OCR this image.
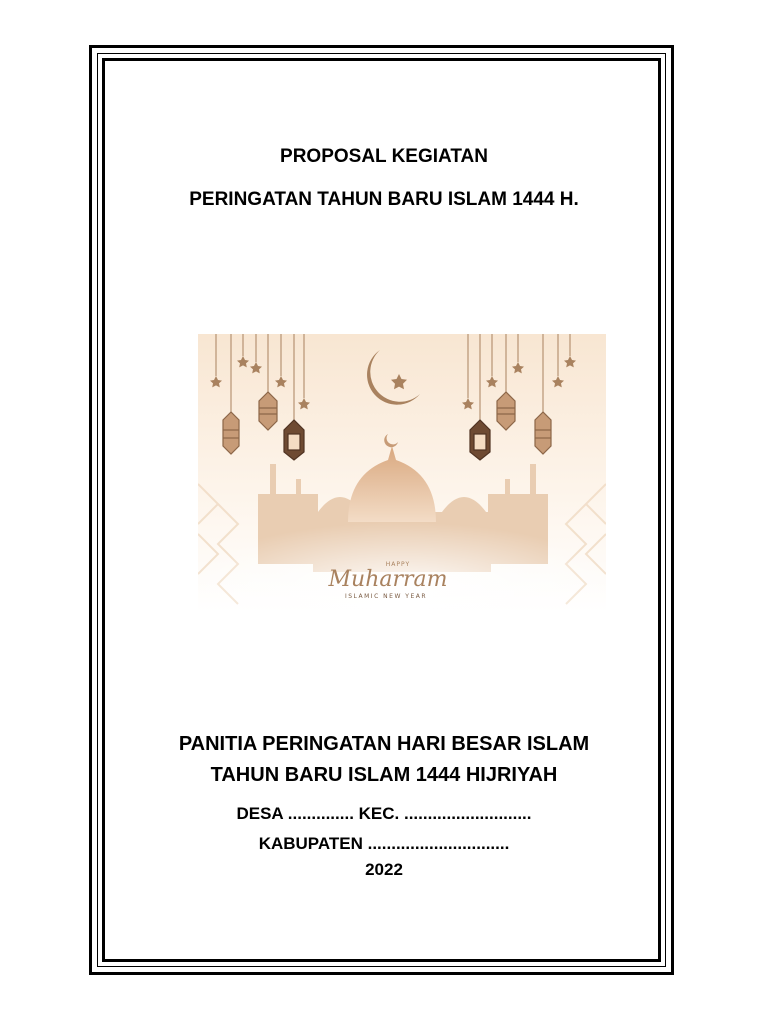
PROPOSAL KEGIATAN
PERINGATAN TAHUN BARU ISLAM 1444 H.
HAPPY
Muharram
ISLAMIC NEW YEAR
PANITIA PERINGATAN HARI BESAR ISLAM
TAHUN BARU ISLAM 1444 HIJRIYAH
DESA .............. KEC. ...........................
KABUPATEN ..............................
2022
